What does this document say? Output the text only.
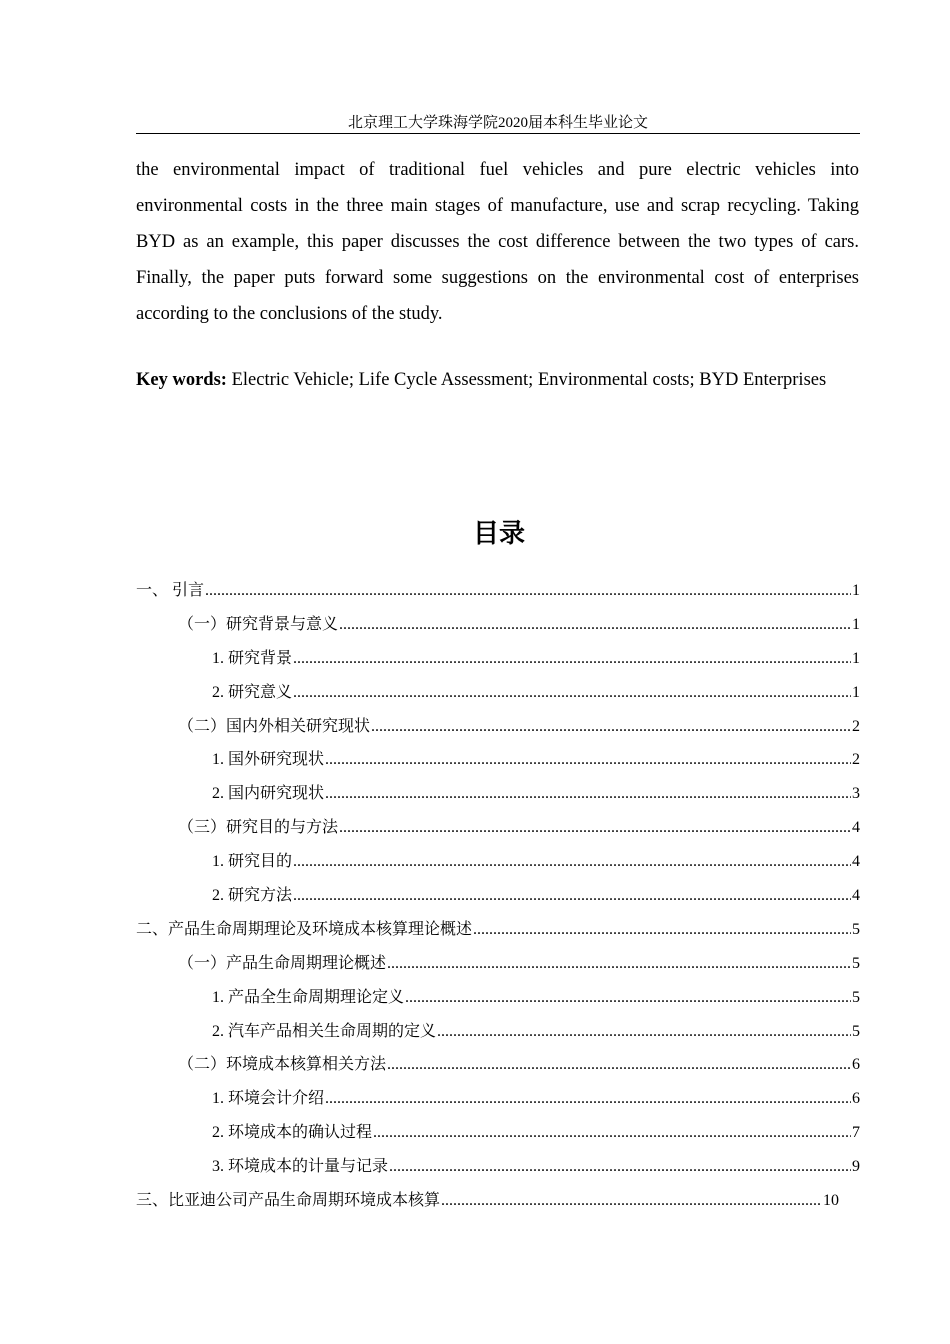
北京理工大学珠海学院2020届本科生毕业论文

the environmental impact of traditional fuel vehicles and pure electric vehicles into environmental costs in the three main stages of manufacture, use and scrap recycling. Taking BYD as an example, this paper discusses the cost difference between the two types of cars. Finally, the paper puts forward some suggestions on the environmental cost of enterprises according to the conclusions of the study.

Key words: Electric Vehicle; Life Cycle Assessment; Environmental costs; BYD Enterprises

目录
一、 引言 .....	1
（一）研究背景与意义 .....	1
1. 研究背景 .....	1
2. 研究意义 .....	1
（二）国内外相关研究现状 .....	2
1. 国外研究现状 .....	2
2. 国内研究现状 .....	3
（三）研究目的与方法 .....	4
1. 研究目的 .....	4
2. 研究方法 .....	4
二、产品生命周期理论及环境成本核算理论概述 .....	5
（一）产品生命周期理论概述 .....	5
1. 产品全生命周期理论定义 .....	5
2. 汽车产品相关生命周期的定义 .....	5
（二）环境成本核算相关方法 .....	6
1. 环境会计介绍 .....	6
2. 环境成本的确认过程 .....	7
3. 环境成本的计量与记录 .....	9
三、比亚迪公司产品生命周期环境成本核算 .....	10
